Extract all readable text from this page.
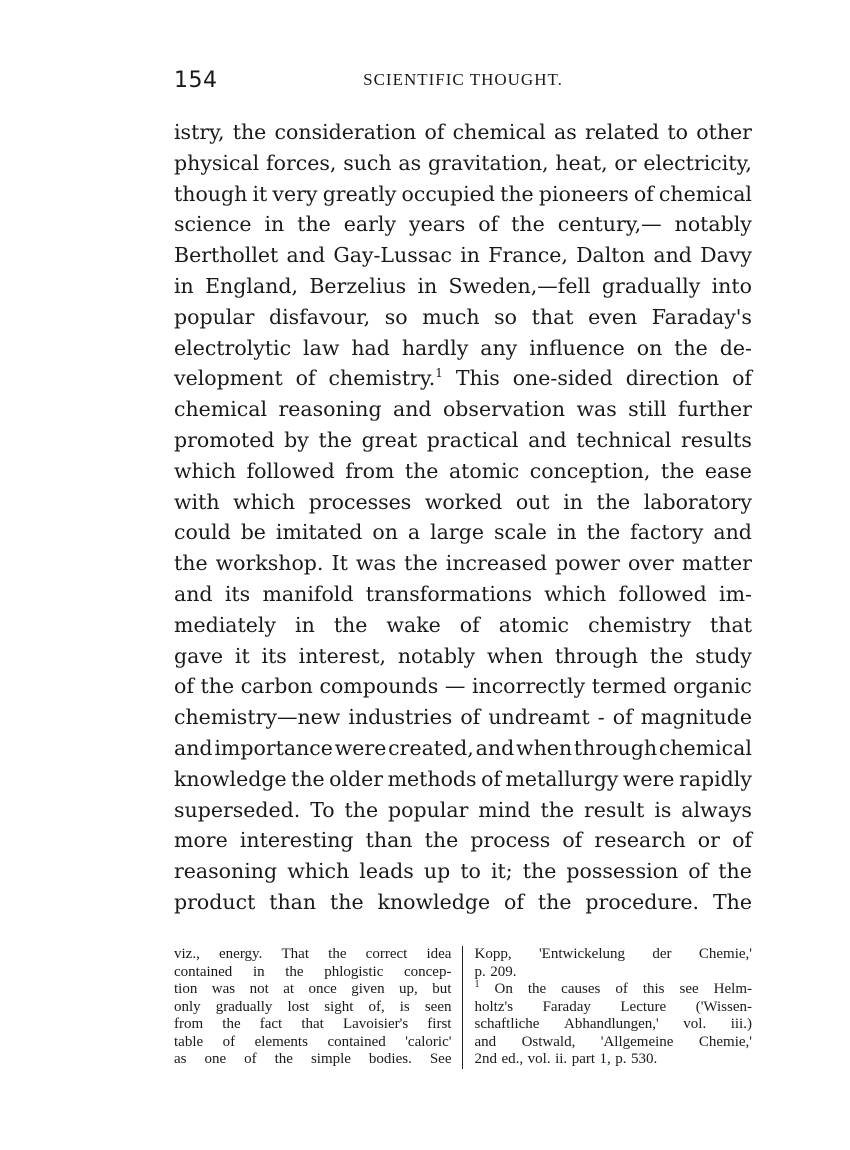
154	SCIENTIFIC THOUGHT.
istry, the consideration of chemical as related to other
physical forces, such as gravitation, heat, or electricity,
though it very greatly occupied the pioneers of chemical
science in the early years of the century,— notably
Berthollet and Gay-Lussac in France, Dalton and Davy
in England, Berzelius in Sweden,—fell gradually into
popular disfavour, so much so that even Faraday's
electrolytic law had hardly any influence on the de-
velopment of chemistry.$^1$ This one-sided direction of
chemical reasoning and observation was still further
promoted by the great practical and technical results
which followed from the atomic conception, the ease
with which processes worked out in the laboratory
could be imitated on a large scale in the factory and
the workshop. It was the increased power over matter
and its manifold transformations which followed im-
mediately in the wake of atomic chemistry that
gave it its interest, notably when through the study
of the carbon compounds — incorrectly termed organic
chemistry—new industries of undreamt - of magnitude
and importance were created, and when through chemical
knowledge the older methods of metallurgy were rapidly
superseded. To the popular mind the result is always
more interesting than the process of research or of
reasoning which leads up to it; the possession of the
product than the knowledge of the procedure. The
viz., energy. That the correct idea
contained in the phlogistic concep-
tion was not at once given up, but
only gradually lost sight of, is seen
from the fact that Lavoisier's first
table of elements contained 'caloric'
as one of the simple bodies. See
Kopp, 'Entwickelung der Chemie,'
p. 209.
$^1$ On the causes of this see Helm-
holtz's Faraday Lecture ('Wissen-
schaftliche Abhandlungen,' vol. iii.)
and Ostwald, 'Allgemeine Chemie,'
2nd ed., vol. ii. part 1, p. 530.
